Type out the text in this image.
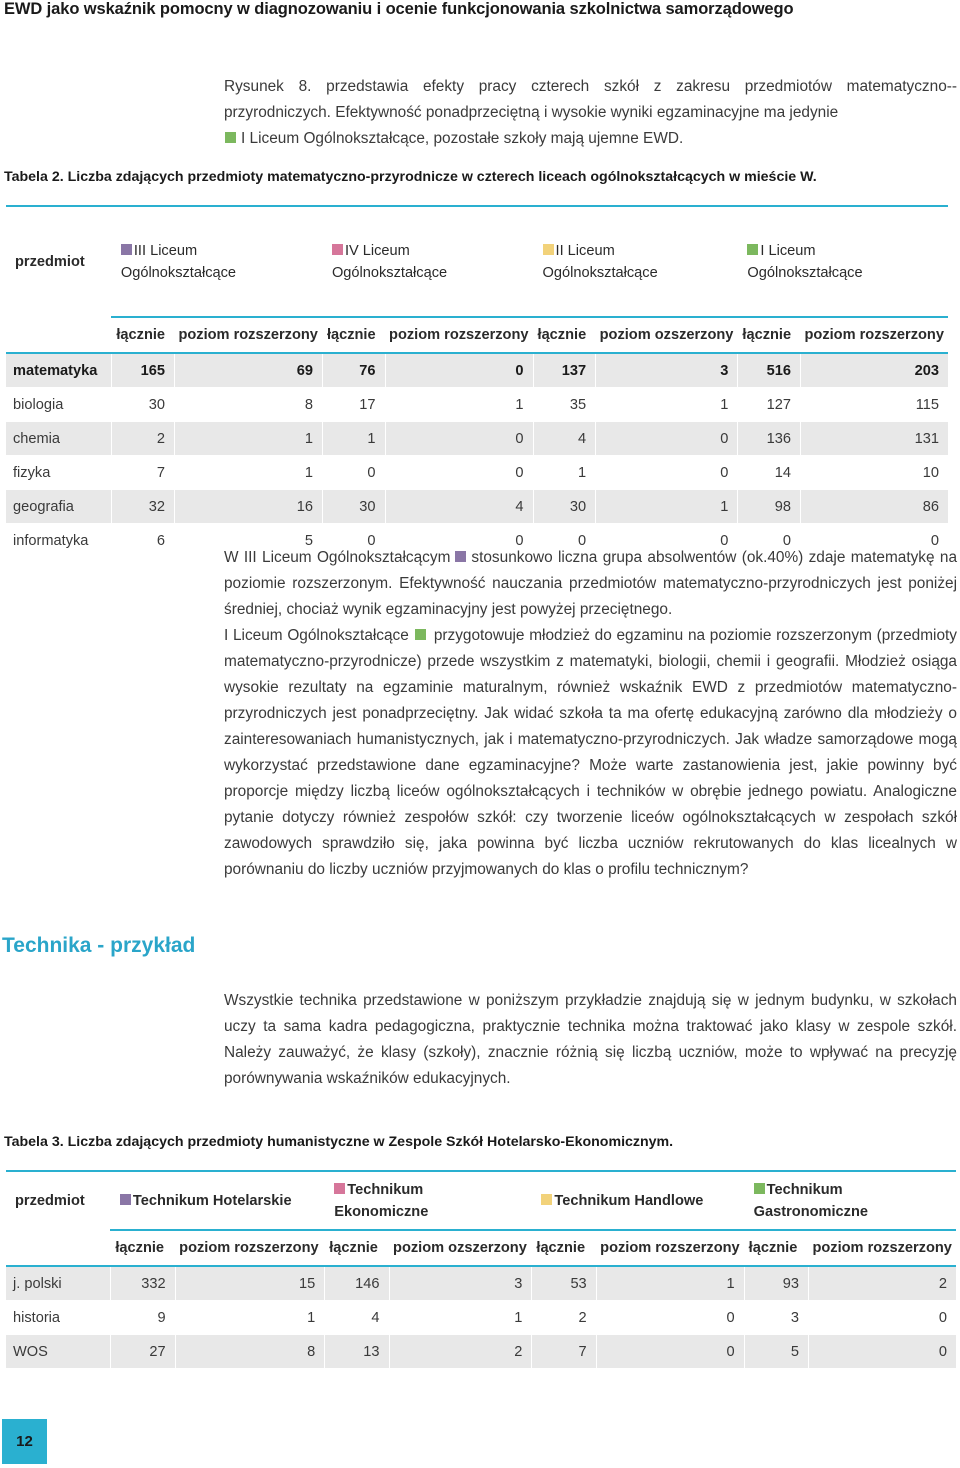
EWD jako wskaźnik pomocny w diagnozowaniu i ocenie funkcjonowania szkolnictwa samorządowego

Rysunek 8. przedstawia efekty pracy czterech szkół z zakresu przedmiotów matematyczno--przyrodniczych. Efektywność ponadprzeciętną i wysokie wyniki egzaminacyjne ma jedynie
I Liceum Ogólnokształcące, pozostałe szkoły mają ujemne EWD.

Tabela 2. Liczba zdających przedmioty matematyczno-przyrodnicze w czterech liceach ogólnokształcących w mieście W.
przedmiot	III Liceum
Ogólnokształcące		IV Liceum
Ogólnokształcące		II Liceum
Ogólnokształcące		I Liceum
Ogólnokształcące	

	łącznie	poziom rozszerzony	łącznie	poziom rozszerzony	łącznie	poziom ozszerzony	łącznie	poziom rozszerzony
matematyka	165	69	76	0	137	3	516	203
biologia	30	8	17	1	35	1	127	115
chemia	2	1	1	0	4	0	136	131
fizyka	7	1	0	0	1	0	14	10
geografia	32	16	30	4	30	1	98	86
informatyka	6	5	0	0	0	0	0	0

W III Liceum Ogólnokształcącym stosunkowo liczna grupa absolwentów (ok.40%) zdaje matematykę na poziomie rozszerzonym. Efektywność nauczania przedmiotów matematyczno-przyrodniczych jest poniżej średniej, chociaż wynik egzaminacyjny jest powyżej przeciętnego.

I Liceum Ogólnokształcące przygotowuje młodzież do egzaminu na poziomie rozszerzonym (przedmioty matematyczno-przyrodnicze) przede wszystkim z matematyki, biologii, chemii i geografii. Młodzież osiąga wysokie rezultaty na egzaminie maturalnym, również wskaźnik EWD z przedmiotów matematyczno-przyrodniczych jest ponadprzeciętny. Jak widać szkoła ta ma ofertę edukacyjną zarówno dla młodzieży o zainteresowaniach humanistycznych, jak i matematyczno-przyrodniczych. Jak władze samorządowe mogą wykorzystać przedstawione dane egzaminacyjne? Może warte zastanowienia jest, jakie powinny być proporcje między liczbą liceów ogólnokształcących i techników w obrębie jednego powiatu. Analogiczne pytanie dotyczy również zespołów szkół: czy tworzenie liceów ogólnokształcących w zespołach szkół zawodowych sprawdziło się, jaka powinna być liczba uczniów rekrutowanych do klas licealnych w porównaniu do liczby uczniów przyjmowanych do klas o profilu technicznym?

Technika - przykład

Wszystkie technika przedstawione w poniższym przykładzie znajdują się w jednym budynku, w szkołach uczy ta sama kadra pedagogiczna, praktycznie technika można traktować jako klasy w zespole szkół. Należy zauważyć, że klasy (szkoły), znacznie różnią się liczbą uczniów, może to wpływać na precyzję porównywania wskaźników edukacyjnych.

Tabela 3. Liczba zdających przedmioty humanistyczne w Zespole Szkół Hotelarsko-Ekonomicznym.
przedmiot	Technikum Hotelarskie		Technikum
Ekonomiczne		Technikum Handlowe		Technikum
Gastronomiczne	

	łącznie	poziom rozszerzony	łącznie	poziom ozszerzony	łącznie	poziom rozszerzony	łącznie	poziom rozszerzony
j. polski	332	15	146	3	53	1	93	2
historia	9	1	4	1	2	0	3	0
WOS	27	8	13	2	7	0	5	0
12
